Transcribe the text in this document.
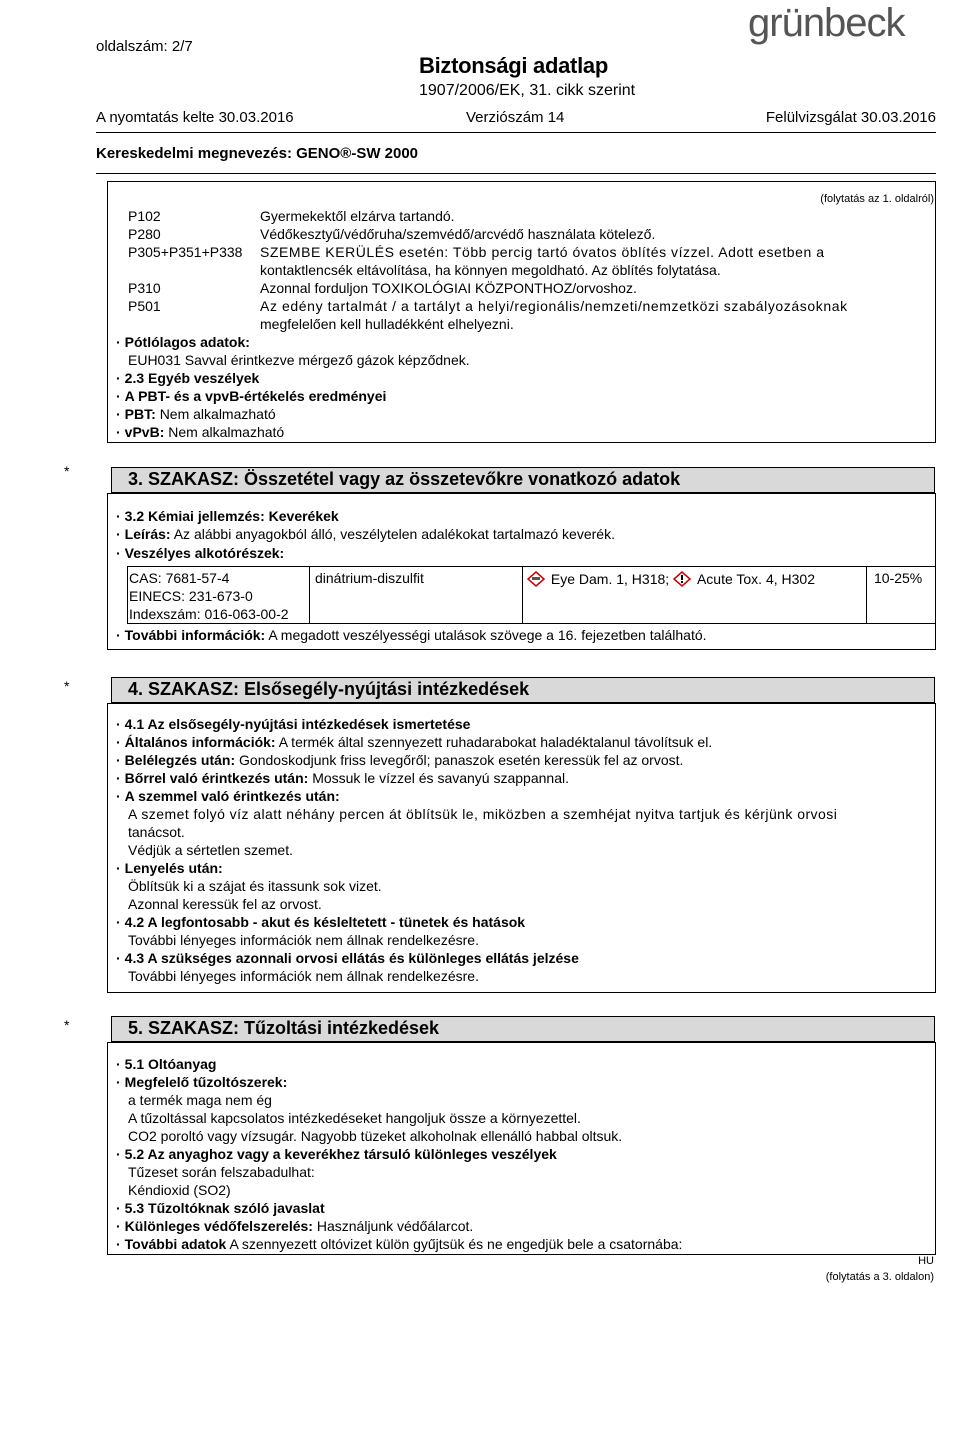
oldalszám: 2/7
grünbeck
Biztonsági adatlap
1907/2006/EK, 31. cikk szerint
A nyomtatás kelte 30.03.2016	Verziószám 14	Felülvizsgálat 30.03.2016
Kereskedelmi megnevezés: GENO®-SW 2000
(folytatás az 1. oldalról)
P102	Gyermekektől elzárva tartandó.
P280	Védőkesztyű/védőruha/szemvédő/arcvédő használata kötelező.
P305+P351+P338 SZEMBE KERÜLÉS esetén: Több percig tartó óvatos öblítés vízzel. Adott esetben a
kontaktlencsék eltávolítása, ha könnyen megoldható. Az öblítés folytatása.
P310	Azonnal forduljon TOXIKOLÓGIAI KÖZPONTHOZ/orvoshoz.
P501	Az edény tartalmát / a tartályt a helyi/regionális/nemzeti/nemzetközi szabályozásoknak
megfelelően kell hulladékként elhelyezni.
· Pótlólagos adatok:
EUH031 Savval érintkezve mérgező gázok képződnek.
· 2.3 Egyéb veszélyek
· A PBT- és a vpvB-értékelés eredményei
· PBT: Nem alkalmazható
· vPvB: Nem alkalmazható
*	3. SZAKASZ: Összetétel vagy az összetevőkre vonatkozó adatok
· 3.2 Kémiai jellemzés: Keverékek
· Leírás: Az alábbi anyagokból álló, veszélytelen adalékokat tartalmazó keverék.
· Veszélyes alkotórészek:
CAS: 7681-57-4
EINECS: 231-673-0
Indexszám: 016-063-00-2
dinátrium-diszulfit	Eye Dam. 1, H318; Acute Tox. 4, H302	10-25%
· További információk: A megadott veszélyességi utalások szövege a 16. fejezetben található.
*	4. SZAKASZ: Elsősegély-nyújtási intézkedések
· 4.1 Az elsősegély-nyújtási intézkedések ismertetése
· Általános információk: A termék által szennyezett ruhadarabokat haladéktalanul távolítsuk el.
· Belélegzés után: Gondoskodjunk friss levegőről; panaszok esetén keressük fel az orvost.
· Bőrrel való érintkezés után: Mossuk le vízzel és savanyú szappannal.
· A szemmel való érintkezés után:
A szemet folyó víz alatt néhány percen át öblítsük le, miközben a szemhéjat nyitva tartjuk és kérjünk orvosi
tanácsot.
Védjük a sértetlen szemet.
· Lenyelés után:
Öblítsük ki a szájat és itassunk sok vizet.
Azonnal keressük fel az orvost.
· 4.2 A legfontosabb - akut és késleltetett - tünetek és hatások
További lényeges információk nem állnak rendelkezésre.
· 4.3 A szükséges azonnali orvosi ellátás és különleges ellátás jelzése
További lényeges információk nem állnak rendelkezésre.
*	5. SZAKASZ: Tűzoltási intézkedések
· 5.1 Oltóanyag
· Megfelelő tűzoltószerek:
a termék maga nem ég
A tűzoltással kapcsolatos intézkedéseket hangoljuk össze a környezettel.
CO2 poroltó vagy vízsugár. Nagyobb tüzeket alkoholnak ellenálló habbal oltsuk.
· 5.2 Az anyaghoz vagy a keverékhez társuló különleges veszélyek
Tűzeset során felszabadulhat:
Kéndioxid (SO2)
· 5.3 Tűzoltóknak szóló javaslat
· Különleges védőfelszerelés: Használjunk védőálarcot.
· További adatok A szennyezett oltóvizet külön gyűjtsük és ne engedjük bele a csatornába:
HU
(folytatás a 3. oldalon)
